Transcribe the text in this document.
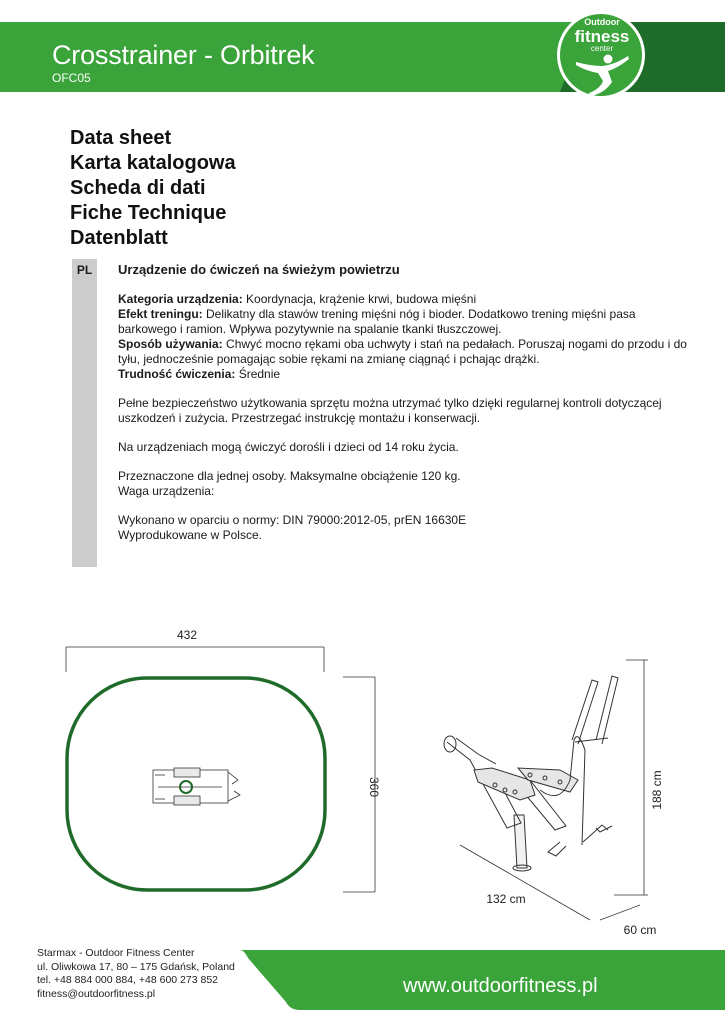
Crosstrainer - Orbitrek
OFC05
Outdoor
fitness
center
Data sheet
Karta katalogowa
Scheda di dati
Fiche Technique
Datenblatt
PL	Urządzenie do ćwiczeń na świeżym powietrzu

Kategoria urządzenia: Koordynacja, krążenie krwi, budowa mięśni
Efekt treningu: Delikatny dla stawów trening mięśni nóg i bioder. Dodatkowo trening mięśni pasa barkowego i ramion. Wpływa pozytywnie na spalanie tkanki tłuszczowej.
Sposób używania: Chwyć mocno rękami oba uchwyty i stań na pedałach. Poruszaj nogami do przodu i do tyłu, jednocześnie pomagając sobie rękami na zmianę ciągnąć i pchając drążki.
Trudność ćwiczenia: Średnie

Pełne bezpieczeństwo użytkowania sprzętu można utrzymać tylko dzięki regularnej kontroli dotyczącej uszkodzeń i zużycia. Przestrzegać instrukcję montażu i konserwacji.

Na urządzeniach mogą ćwiczyć dorośli i dzieci od 14 roku życia.

Przeznaczone dla jednej osoby. Maksymalne obciążenie 120 kg.
Waga urządzenia:

Wykonano w oparciu o normy: DIN 79000:2012-05, prEN 16630E
Wyprodukowane w Polsce.

432
360	188 cm
132 cm
60 cm
Starmax - Outdoor Fitness Center
ul. Oliwkowa 17, 80 – 175 Gdańsk, Poland
tel. +48 884 000 884, +48 600 273 852
fitness@outdoorfitness.pl	www.outdoorfitness.pl
